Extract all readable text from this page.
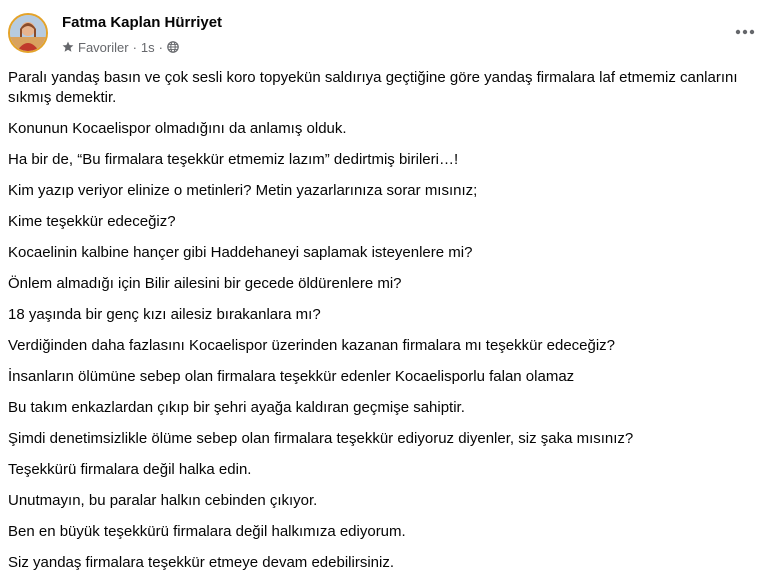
Fatma Kaplan Hürriyet
Favoriler · 1s ·

Paralı yandaş basın ve çok sesli koro topyekün saldırıya geçtiğine göre yandaş firmalara laf etmemiz canlarını sıkmış demektir.

Konunun Kocaelispor olmadığını da anlamış olduk.

Ha bir de, “Bu firmalara teşekkür etmemiz lazım” dedirtmiş birileri…!

Kim yazıp veriyor elinize o metinleri? Metin yazarlarınıza sorar mısınız;

Kime teşekkür edeceğiz?

Kocaelinin kalbine hançer gibi Haddehaneyi saplamak isteyenlere mi?

Önlem almadığı için Bilir ailesini bir gecede öldürenlere mi?

18 yaşında bir genç kızı ailesiz bırakanlara mı?

Verdiğinden daha fazlasını Kocaelispor üzerinden kazanan firmalara mı teşekkür edeceğiz?

İnsanların ölümüne sebep olan firmalara teşekkür edenler Kocaelisporlu falan olamaz

Bu takım enkazlardan çıkıp bir şehri ayağa kaldıran geçmişe sahiptir.

Şimdi denetimsizlikle ölüme sebep olan firmalara teşekkür ediyoruz diyenler, siz şaka mısınız?

Teşekkürü firmalara değil halka edin.

Unutmayın, bu paralar halkın cebinden çıkıyor.

Ben en büyük teşekkürü firmalara değil halkımıza ediyorum.

Siz yandaş firmalara teşekkür etmeye devam edebilirsiniz.
